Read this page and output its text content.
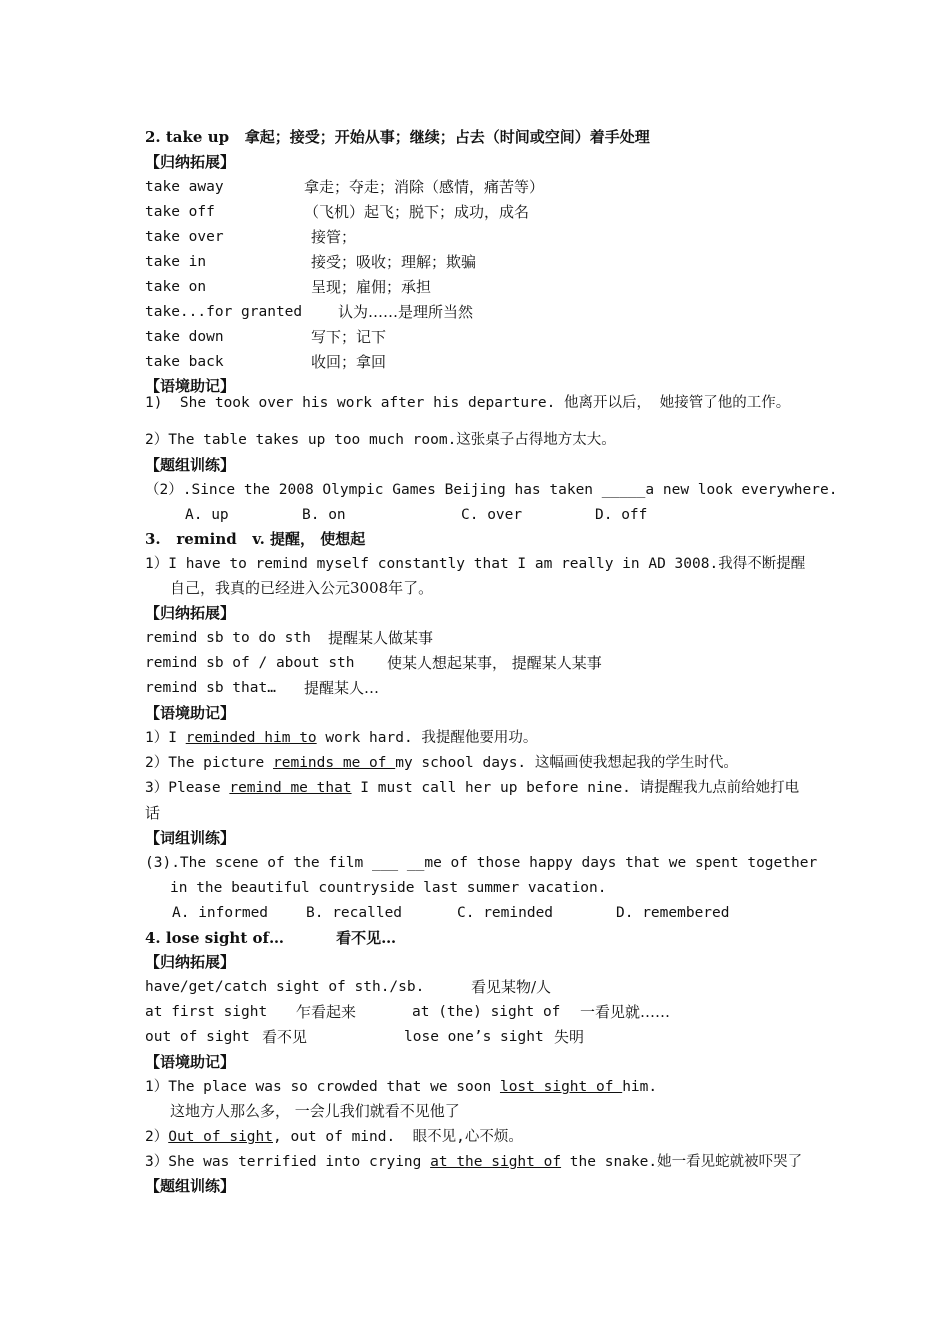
2. take up   拿起；接受；开始从事；继续；占去（时间或空间）着手处理
【归纳拓展】
take away	拿走；夺走；消除（感情，痛苦等）
take off	（飞机）起飞；脱下；成功，成名
take over	接管；
take in	接受；吸收；理解；欺骗
take on	呈现；雇佣；承担
take...for granted 认为……是理所当然
take down	写下；记下
take back	收回；拿回
【语境助记】
1)  She took over his work after his departure. 他离开以后， 她接管了他的工作。
2）The table takes up too much room.这张桌子占得地方太大。
【题组训练】
（2）.Since the 2008 Olympic Games Beijing has taken _____a new look everywhere.
A. up	B. on	C. over	D. off
3.   remind   v. 提醒， 使想起
1）I have to remind myself constantly that I am really in AD 3008.我得不断提醒
自己，我真的已经进入公元3008年了。
【归纳拓展】
remind sb to do sth 提醒某人做某事
remind sb of / about sth 使某人想起某事， 提醒某人某事
remind sb that… 提醒某人…
【语境助记】
1）I reminded him to work hard. 我提醒他要用功。
2）The picture reminds me of my school days. 这幅画使我想起我的学生时代。
3）Please remind me that I must call her up before nine. 请提醒我九点前给她打电
话
【词组训练】
(3).The scene of the film ___ __me of those happy days that we spent together
in the beautiful countryside last summer vacation.
A. informed	B. recalled	C. reminded	D. remembered
4. lose sight of…          看不见…
【归纳拓展】
have/get/catch sight of sth./sb.	看见某物/人
at first sight 乍看起来	at (the) sight of 一看见就……
out of sight 看不见	lose one’s sight 失明
【语境助记】
1）The place was so crowded that we soon lost sight of him.
这地方人那么多， 一会儿我们就看不见他了
2）Out of sight, out of mind.  眼不见,心不烦。
3）She was terrified into crying at the sight of the snake.她一看见蛇就被吓哭了
【题组训练】
